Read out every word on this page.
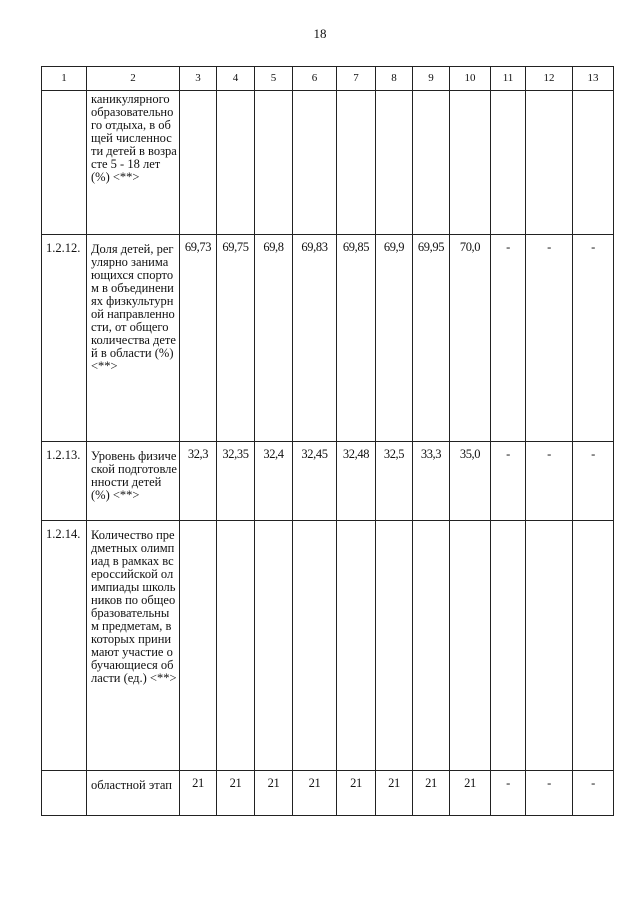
18
1	2	3	4	5	6	7	8	9	10	11	12	13
	каникулярного образовательного отдыха, в общей численности детей в возрасте 5 - 18 лет (%) <**>											
1.2.12.	Доля детей, регулярно занимающихся спортом в объединениях физкультурной направленности, от общего количества детей в области (%) <**>	69,73	69,75	69,8	69,83	69,85	69,9	69,95	70,0	-	-	-
1.2.13.	Уровень физической подготовленности детей (%) <**>	32,3	32,35	32,4	32,45	32,48	32,5	33,3	35,0	-	-	-
1.2.14.	Количество предметных олимпиад в рамках всероссийской олимпиады школьников по общеобразовательным предметам, в которых принимают участие обучающиеся области (ед.) <**>											
	областной этап	21	21	21	21	21	21	21	21	-	-	-
